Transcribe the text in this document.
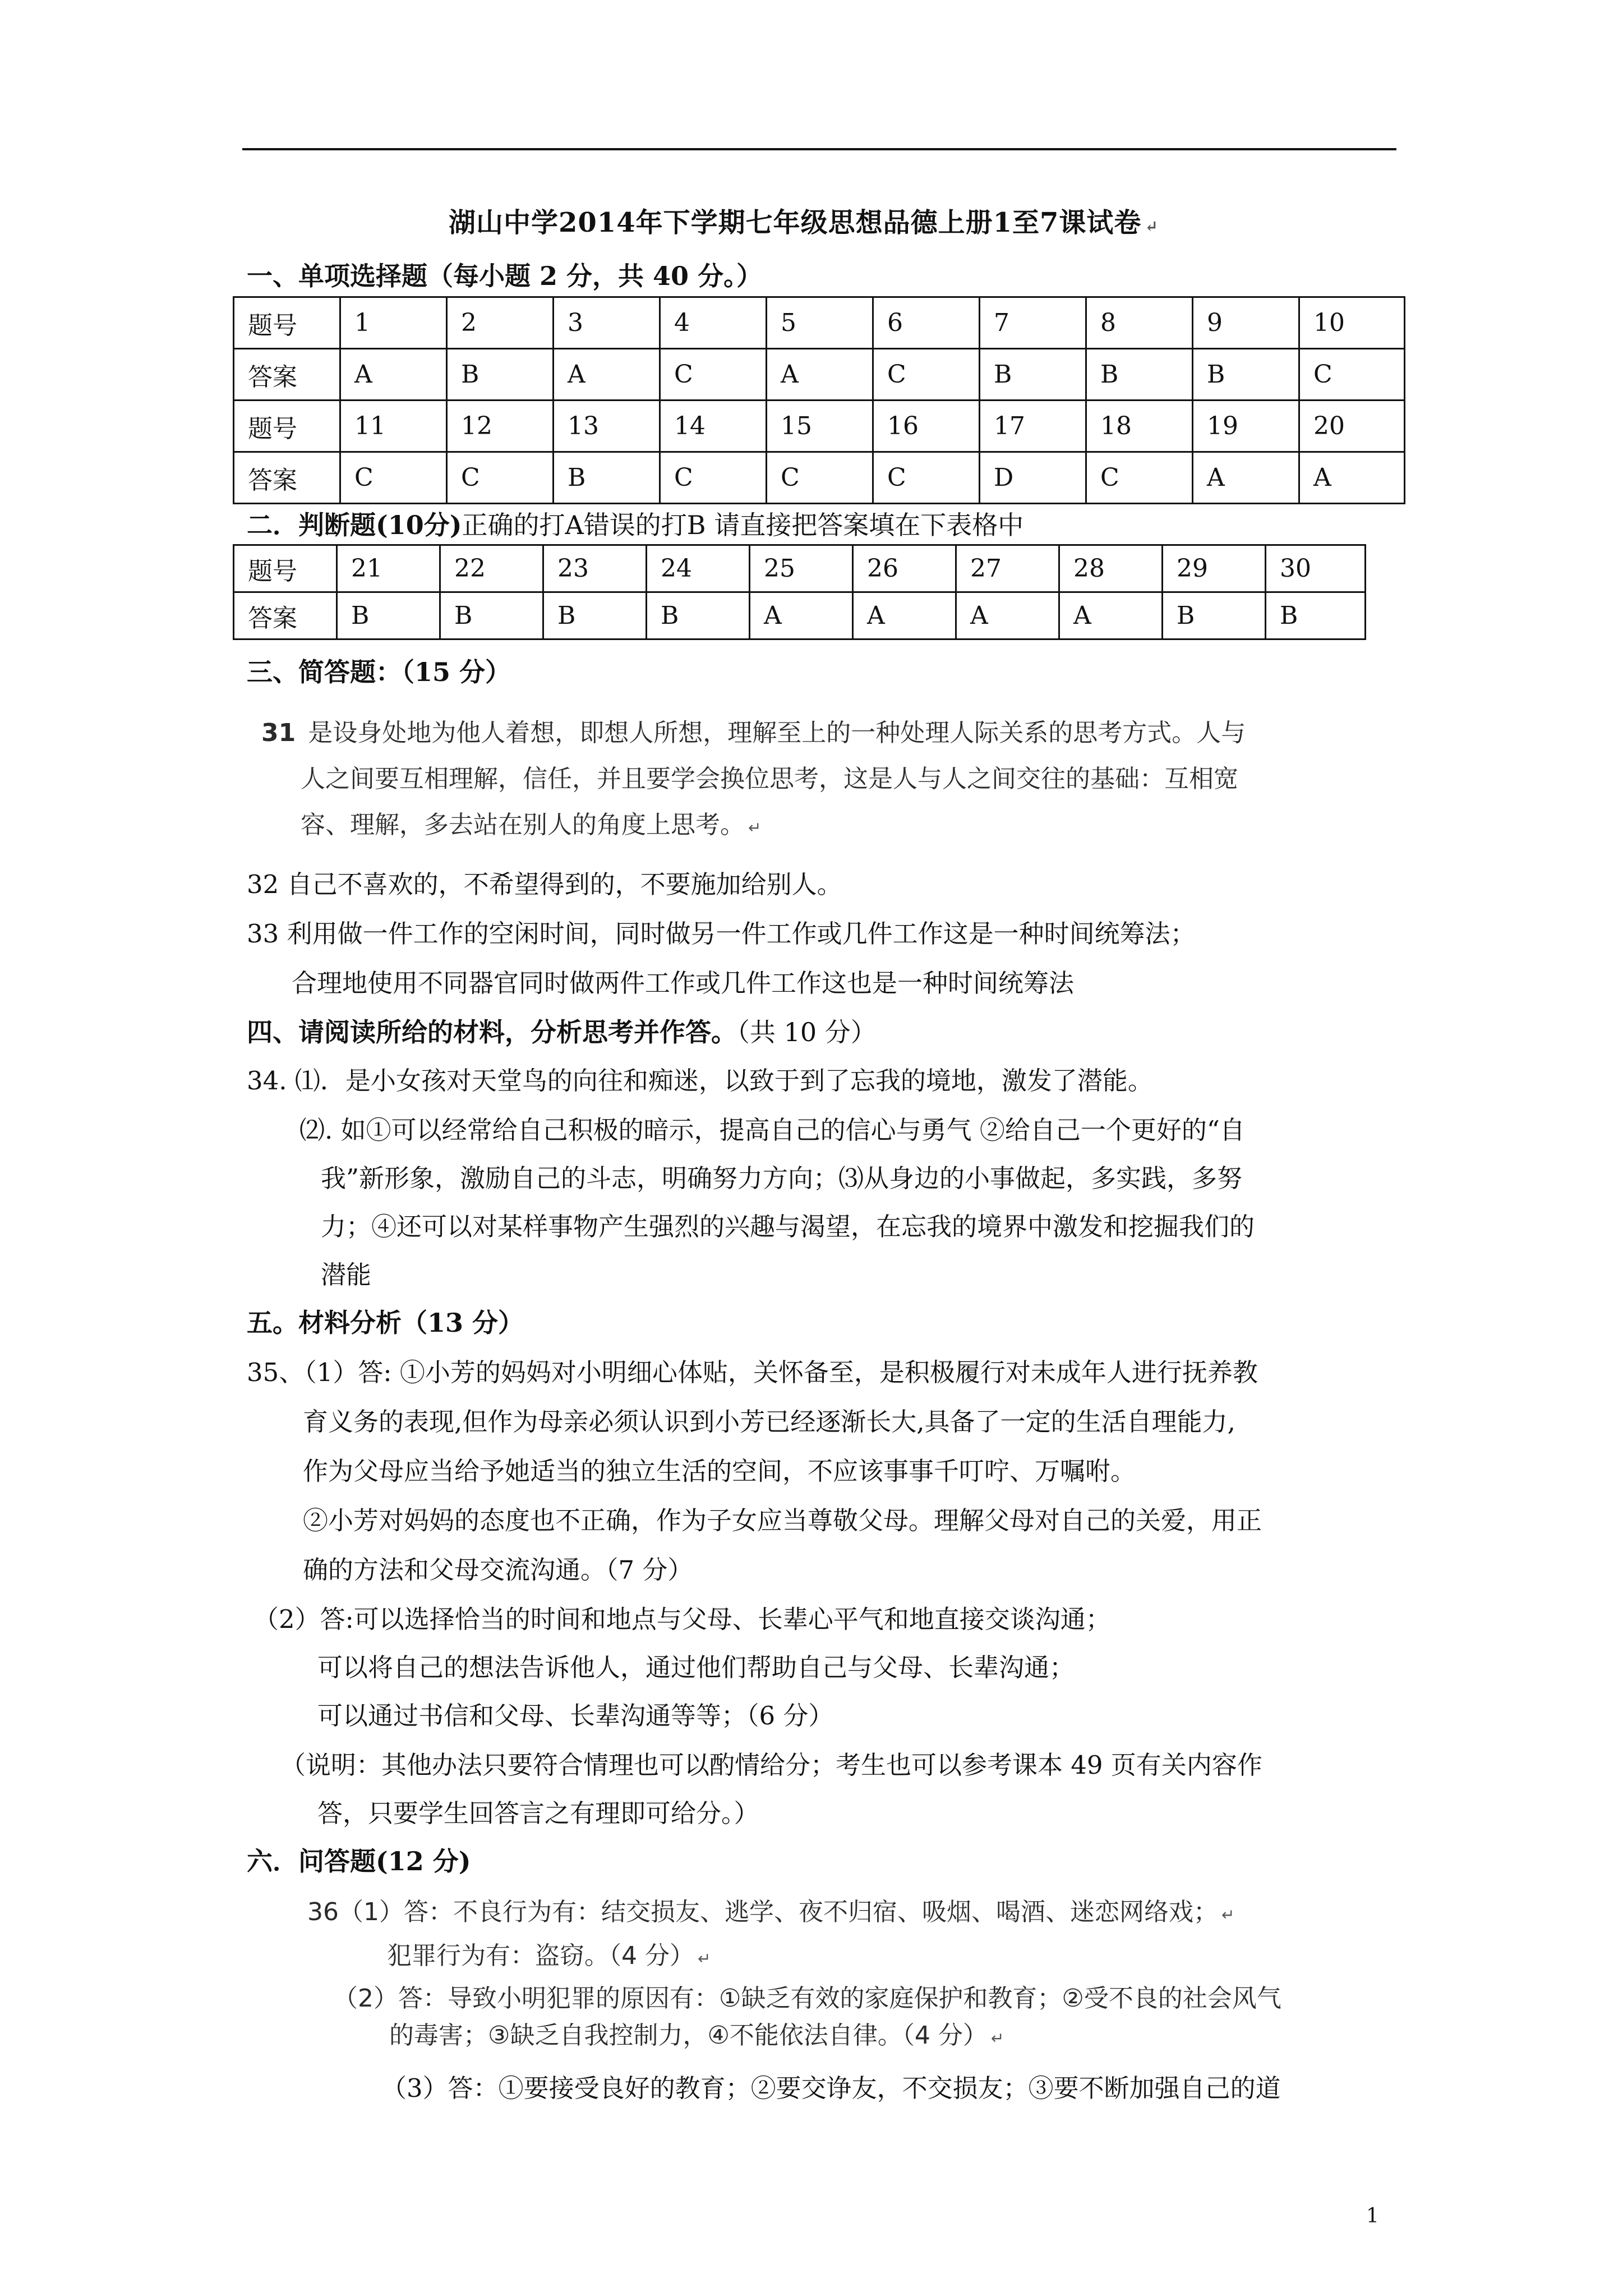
湖山中学2014年下学期七年级思想品德上册1至7课试卷 ↵
一、单项选择题（每小题 2 分，共 40 分。）
题号	1	2	3	4	5	6	7	8	9	10
答案	A	B	A	C	A	C	B	B	B	C
题号	11	12	13	14	15	16	17	18	19	20
答案	C	C	B	C	C	C	D	C	A	A
二．判断题(10分)正确的打A错误的打B 请直接把答案填在下表格中
题号	21	22	23	24	25	26	27	28	29	30
答案	B	B	B	B	A	A	A	A	B	B
三、简答题：（15 分）
31 是设身处地为他人着想，即想人所想，理解至上的一种处理人际关系的思考方式。人与
人之间要互相理解，信任，并且要学会换位思考，这是人与人之间交往的基础：互相宽
容、理解，多去站在别人的角度上思考。 ↵
32 自己不喜欢的，不希望得到的，不要施加给别人。
33 利用做一件工作的空闲时间，同时做另一件工作或几件工作这是一种时间统筹法；
合理地使用不同器官同时做两件工作或几件工作这也是一种时间统筹法
四、请阅读所给的材料，分析思考并作答。（共 10 分）
34. ⑴．是小女孩对天堂鸟的向往和痴迷，以致于到了忘我的境地，激发了潜能。
⑵. 如①可以经常给自己积极的暗示，提高自己的信心与勇气 ②给自己一个更好的“自
我”新形象，激励自己的斗志，明确努力方向；⑶从身边的小事做起，多实践，多努
力；④还可以对某样事物产生强烈的兴趣与渴望，在忘我的境界中激发和挖掘我们的
潜能
五。材料分析（13 分）
35、（1）答: ①小芳的妈妈对小明细心体贴，关怀备至，是积极履行对未成年人进行抚养教
育义务的表现,但作为母亲必须认识到小芳已经逐渐长大,具备了一定的生活自理能力,
作为父母应当给予她适当的独立生活的空间，不应该事事千叮咛、万嘱咐。
②小芳对妈妈的态度也不正确，作为子女应当尊敬父母。理解父母对自己的关爱，用正
确的方法和父母交流沟通。（7 分）
（2）答:可以选择恰当的时间和地点与父母、长辈心平气和地直接交谈沟通；
可以将自己的想法告诉他人，通过他们帮助自己与父母、长辈沟通；
可以通过书信和父母、长辈沟通等等；（6 分）
（说明：其他办法只要符合情理也可以酌情给分；考生也可以参考课本 49 页有关内容作
答，只要学生回答言之有理即可给分。）
六．问答题(12 分)
36（1）答：不良行为有：结交损友、逃学、夜不归宿、吸烟、喝酒、迷恋网络戏； ↵
犯罪行为有：盗窃。（4 分） ↵
（2）答：导致小明犯罪的原因有：①缺乏有效的家庭保护和教育；②受不良的社会风气
的毒害；③缺乏自我控制力，④不能依法自律。（4 分） ↵
（3）答：①要接受良好的教育；②要交诤友，不交损友；③要不断加强自己的道
1
